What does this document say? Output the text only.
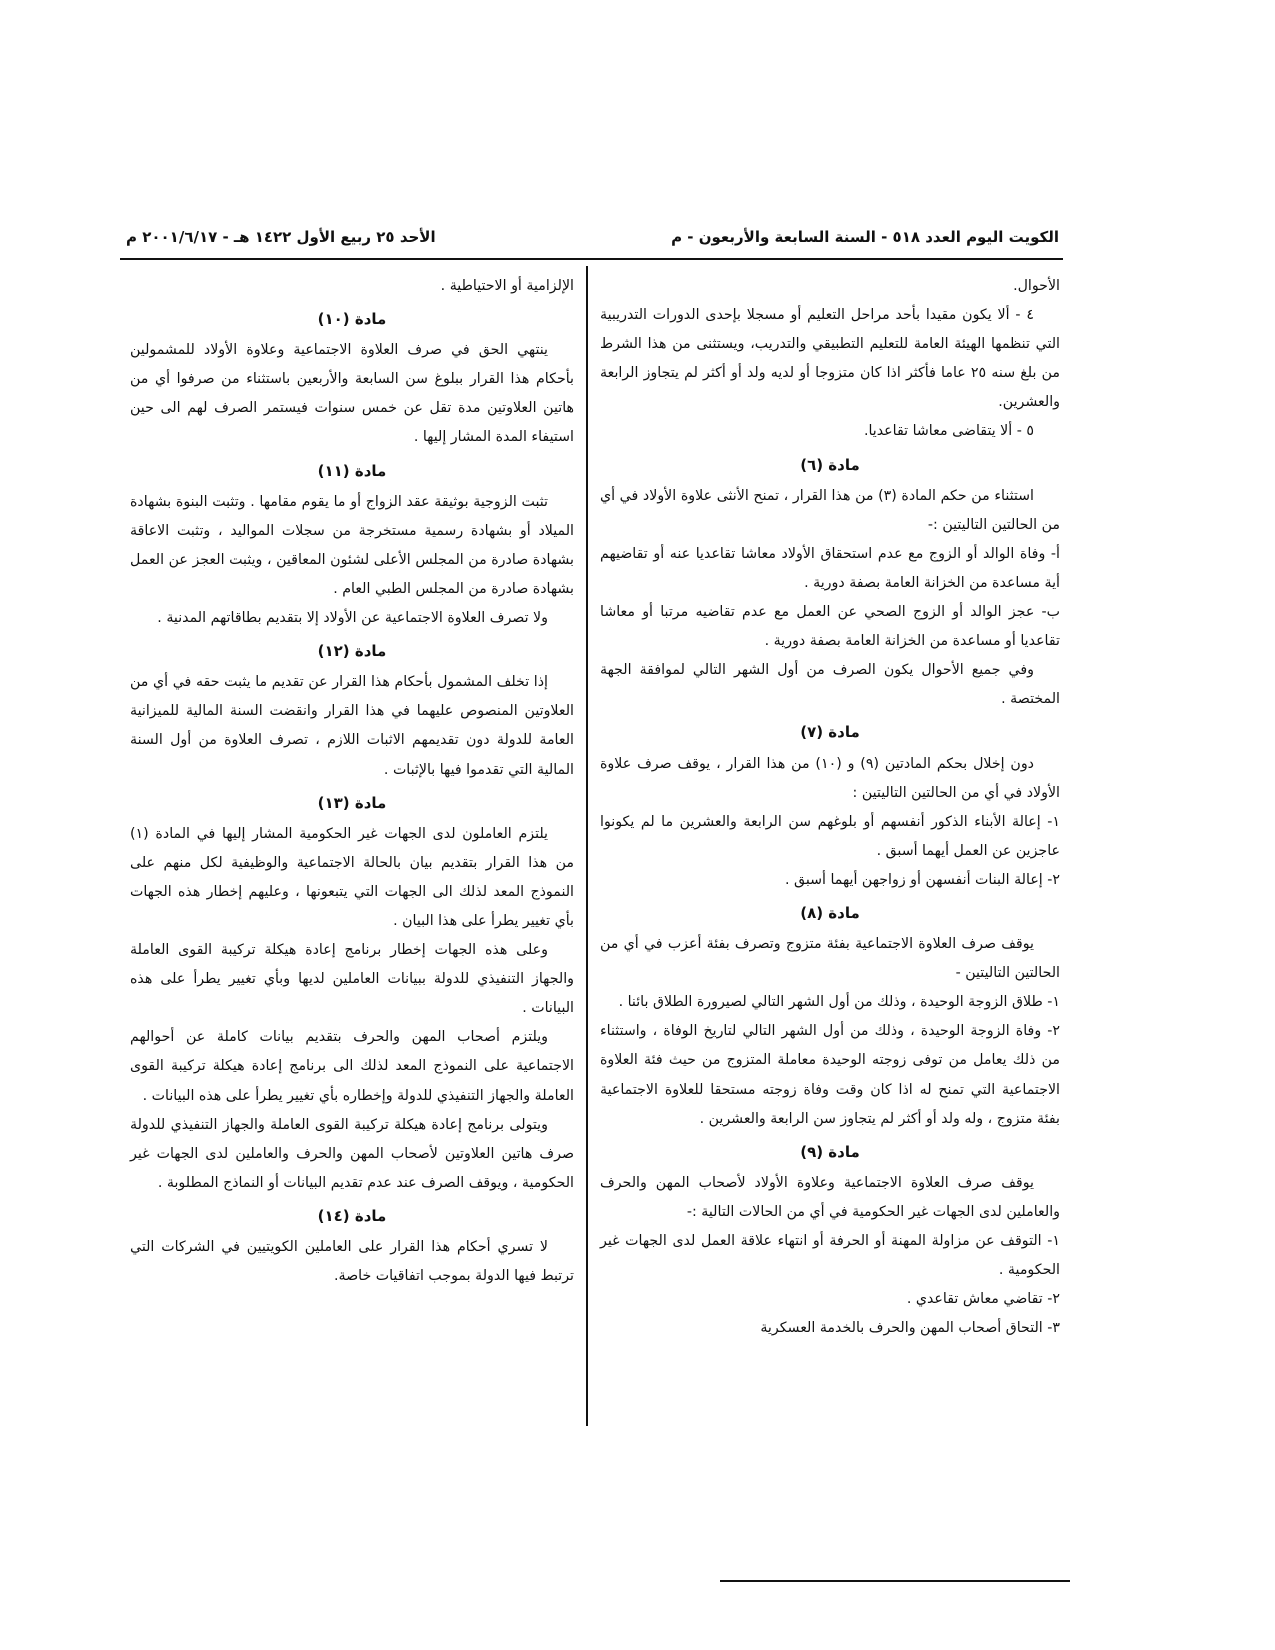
الكويت اليوم العدد ٥١٨ - السنة السابعة والأربعون - م
الأحد ٢٥ ربيع الأول ١٤٢٢ هـ - ٢٠٠١/٦/١٧ م

الأحوال.

٤ - ألا يكون مقيدا بأحد مراحل التعليم أو مسجلا بإحدى الدورات التدريبية التي تنظمها الهيئة العامة للتعليم التطبيقي والتدريب، ويستثنى من هذا الشرط من بلغ سنه ٢٥ عاما فأكثر اذا كان متزوجا أو لديه ولد أو أكثر لم يتجاوز الرابعة والعشرين.

٥ - ألا يتقاضى معاشا تقاعديا.

مادة (٦)

استثناء من حكم المادة (٣) من هذا القرار ، تمنح الأنثى علاوة الأولاد في أي من الحالتين التاليتين :-

أ- وفاة الوالد أو الزوج مع عدم استحقاق الأولاد معاشا تقاعديا عنه أو تقاضيهم أية مساعدة من الخزانة العامة بصفة دورية .

ب- عجز الوالد أو الزوج الصحي عن العمل مع عدم تقاضيه مرتبا أو معاشا تقاعديا أو مساعدة من الخزانة العامة بصفة دورية .

وفي جميع الأحوال يكون الصرف من أول الشهر التالي لموافقة الجهة المختصة .

مادة (٧)

دون إخلال بحكم المادتين (٩) و (١٠) من هذا القرار ، يوقف صرف علاوة الأولاد في أي من الحالتين التاليتين :

١- إعالة الأبناء الذكور أنفسهم أو بلوغهم سن الرابعة والعشرين ما لم يكونوا عاجزين عن العمل أيهما أسبق .

٢- إعالة البنات أنفسهن أو زواجهن أيهما أسبق .

مادة (٨)

يوقف صرف العلاوة الاجتماعية بفئة متزوج وتصرف بفئة أعزب في أي من الحالتين التاليتين -

١- طلاق الزوجة الوحيدة ، وذلك من أول الشهر التالي لصيرورة الطلاق بائنا .

٢- وفاة الزوجة الوحيدة ، وذلك من أول الشهر التالي لتاريخ الوفاة ، واستثناء من ذلك يعامل من توفى زوجته الوحيدة معاملة المتزوج من حيث فئة العلاوة الاجتماعية التي تمنح له اذا كان وقت وفاة زوجته مستحقا للعلاوة الاجتماعية بفئة متزوج ، وله ولد أو أكثر لم يتجاوز سن الرابعة والعشرين .

مادة (٩)

يوقف صرف العلاوة الاجتماعية وعلاوة الأولاد لأصحاب المهن والحرف والعاملين لدى الجهات غير الحكومية في أي من الحالات التالية :-

١- التوقف عن مزاولة المهنة أو الحرفة أو انتهاء علاقة العمل لدى الجهات غير الحكومية .

٢- تقاضي معاش تقاعدي .

٣- التحاق أصحاب المهن والحرف بالخدمة العسكرية

الإلزامية أو الاحتياطية .

مادة (١٠)

ينتهي الحق في صرف العلاوة الاجتماعية وعلاوة الأولاد للمشمولين بأحكام هذا القرار ببلوغ سن السابعة والأربعين باستثناء من صرفوا أي من هاتين العلاوتين مدة تقل عن خمس سنوات فيستمر الصرف لهم الى حين استيفاء المدة المشار إليها .

مادة (١١)

تثبت الزوجية بوثيقة عقد الزواج أو ما يقوم مقامها . وتثبت البنوة بشهادة الميلاد أو بشهادة رسمية مستخرجة من سجلات المواليد ، وتثبت الاعاقة بشهادة صادرة من المجلس الأعلى لشئون المعاقين ، ويثبت العجز عن العمل بشهادة صادرة من المجلس الطبي العام .

ولا تصرف العلاوة الاجتماعية عن الأولاد إلا بتقديم بطاقاتهم المدنية .

مادة (١٢)

إذا تخلف المشمول بأحكام هذا القرار عن تقديم ما يثبت حقه في أي من العلاوتين المنصوص عليهما في هذا القرار وانقضت السنة المالية للميزانية العامة للدولة دون تقديمهم الاثبات اللازم ، تصرف العلاوة من أول السنة المالية التي تقدموا فيها بالإثبات .

مادة (١٣)

يلتزم العاملون لدى الجهات غير الحكومية المشار إليها في المادة (١) من هذا القرار بتقديم بيان بالحالة الاجتماعية والوظيفية لكل منهم على النموذج المعد لذلك الى الجهات التي يتبعونها ، وعليهم إخطار هذه الجهات بأي تغيير يطرأ على هذا البيان .

وعلى هذه الجهات إخطار برنامج إعادة هيكلة تركيبة القوى العاملة والجهاز التنفيذي للدولة ببيانات العاملين لديها وبأي تغيير يطرأ على هذه البيانات .

ويلتزم أصحاب المهن والحرف بتقديم بيانات كاملة عن أحوالهم الاجتماعية على النموذج المعد لذلك الى برنامج إعادة هيكلة تركيبة القوى العاملة والجهاز التنفيذي للدولة وإخطاره بأي تغيير يطرأ على هذه البيانات .

ويتولى برنامج إعادة هيكلة تركيبة القوى العاملة والجهاز التنفيذي للدولة صرف هاتين العلاوتين لأصحاب المهن والحرف والعاملين لدى الجهات غير الحكومية ، ويوقف الصرف عند عدم تقديم البيانات أو النماذج المطلوبة .

مادة (١٤)

لا تسري أحكام هذا القرار على العاملين الكويتيين في الشركات التي ترتبط فيها الدولة بموجب اتفاقيات خاصة.
